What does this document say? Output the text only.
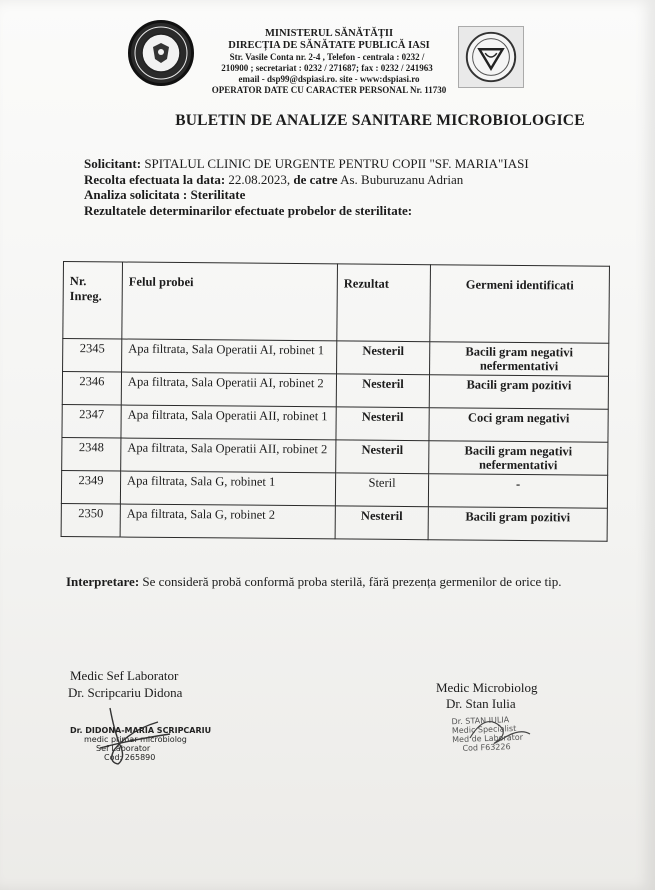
MINISTERUL SĂNĂTĂȚII
DIRECȚIA DE SĂNĂTATE PUBLICĂ IASI
Str. Vasile Conta nr. 2-4 , Telefon - centrala : 0232 /
210900 ; secretariat : 0232 / 271687; fax : 0232 / 241963
email - dsp99@dspiasi.ro. site - www:dspiasi.ro
OPERATOR DATE CU CARACTER PERSONAL Nr. 11730
BULETIN DE ANALIZE SANITARE MICROBIOLOGICE
Solicitant: SPITALUL CLINIC DE URGENTE PENTRU COPII "SF. MARIA"IASI
Recolta efectuata la data: 22.08.2023, de catre As. Buburuzanu Adrian
Analiza solicitata : Sterilitate
Rezultatele determinarilor efectuate probelor de sterilitate:
Nr. Inreg.	Felul probei	Rezultat	Germeni identificati
2345	Apa filtrata, Sala Operatii AI, robinet 1	Nesteril	Bacili gram negativi nefermentativi
2346	Apa filtrata, Sala Operatii AI, robinet 2	Nesteril	Bacili gram pozitivi
2347	Apa filtrata, Sala Operatii AII, robinet 1	Nesteril	Coci gram negativi
2348	Apa filtrata, Sala Operatii AII, robinet 2	Nesteril	Bacili gram negativi nefermentativi
2349	Apa filtrata, Sala G, robinet 1	Steril	-
2350	Apa filtrata, Sala G, robinet 2	Nesteril	Bacili gram pozitivi
Interpretare: Se consideră probă conformă proba sterilă, fără prezența germenilor de orice tip.
Medic Sef Laborator
Dr. Scripcariu Didona	Medic Microbiolog
Dr. Stan Iulia
Dr. DIDONA-MARIA SCRIPCARIU
medic primar microbiolog
Sef Laborator
Cod: 265890
Dr. STAN IULIA
Medic Specialist
Med de Laborator
Cod F63226
